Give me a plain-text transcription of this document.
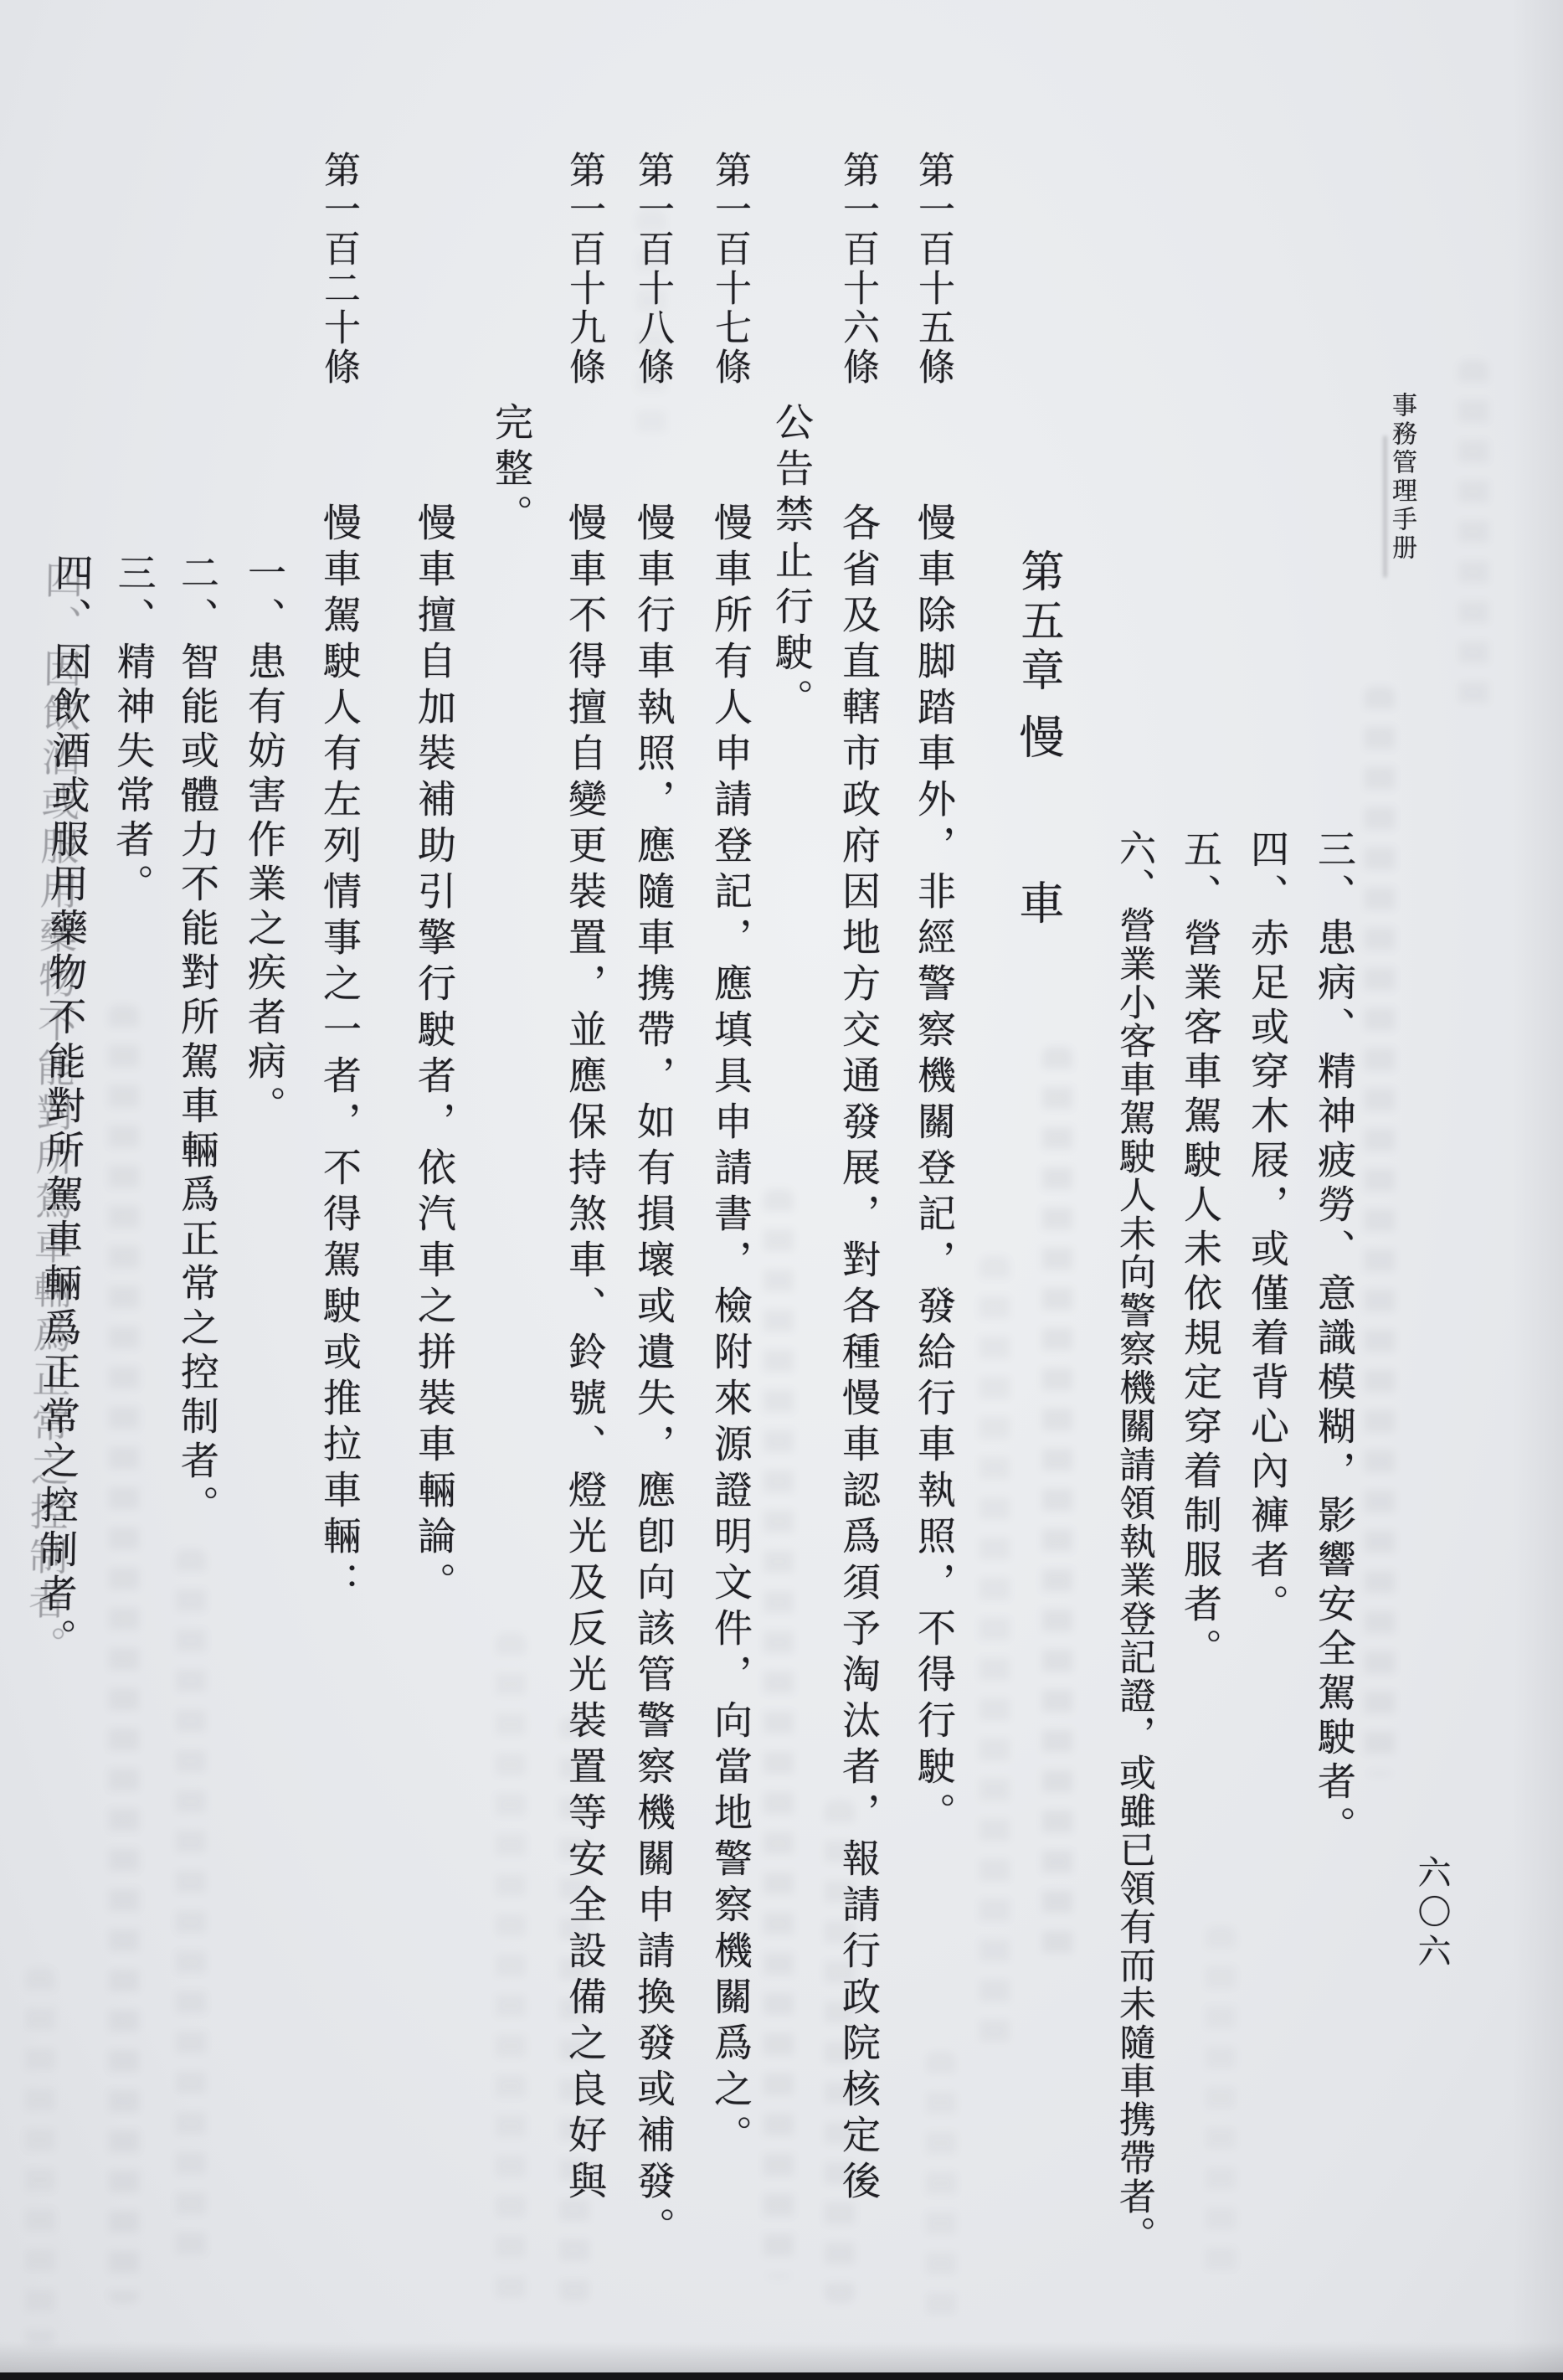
事務管理手册
三、患病、精神疲勞、意識模糊，影響安全駕駛者。
四、赤足或穿木屐，或僅着背心內褲者。
五、營業客車駕駛人未依規定穿着制服者。
六、營業小客車駕駛人未向警察機關請領執業登記證，或雖已領有而未隨車携帶者。
第五章
慢
車
第一百十五條
慢車除脚踏車外，非經警察機關登記，發給行車執照，不得行駛。
第一百十六條
各省及直轄市政府因地方交通發展，對各種慢車認爲須予淘汰者，報請行政院核定後
公告禁止行駛。
第一百十七條
慢車所有人申請登記，應填具申請書，檢附來源證明文件，向當地警察機關爲之。
第一百十八條
慢車行車執照，應隨車携帶，如有損壞或遺失，應卽向該管警察機關申請換發或補發。
第一百十九條
慢車不得擅自變更裝置，並應保持煞車、鈴號、燈光及反光裝置等安全設備之良好與
完整。
慢車擅自加裝補助引擎行駛者，依汽車之拼裝車輛論。
第一百二十條
慢車駕駛人有左列情事之一者，不得駕駛或推拉車輛：
一、患有妨害作業之疾者病。
二、智能或體力不能對所駕車輛爲正常之控制者。
三、精神失常者。
四、因飲酒或服用藥物不能對所駕車輛爲正常之控制者。
六〇六
